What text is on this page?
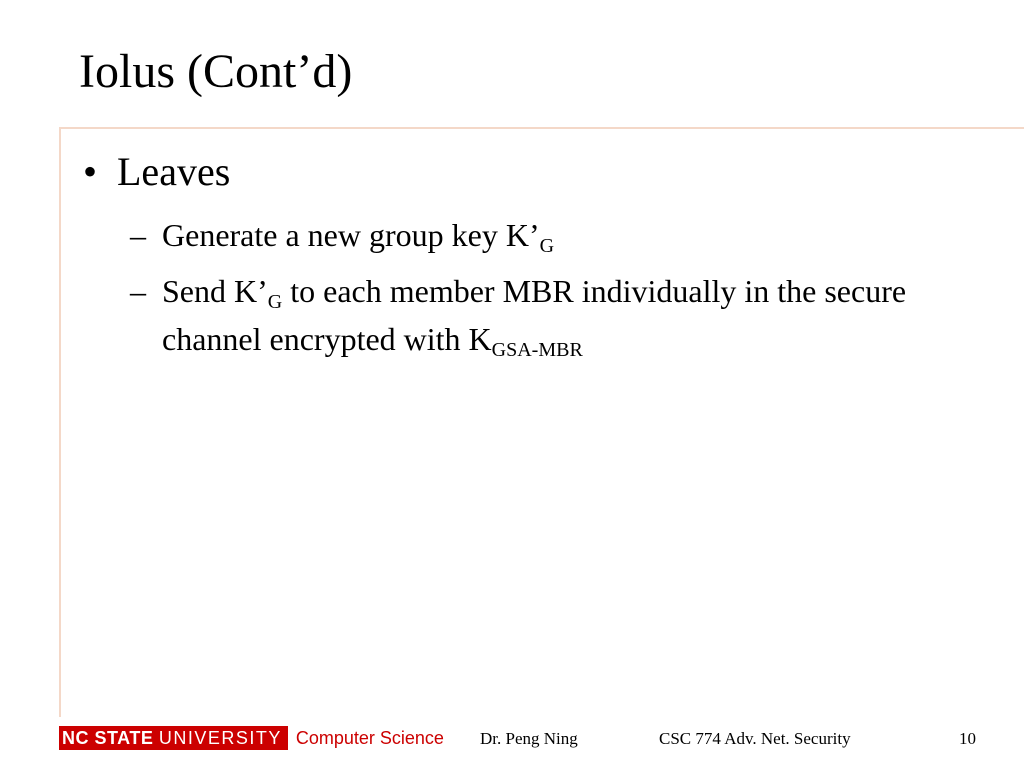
Iolus (Cont’d)
• Leaves
– Generate a new group key $K’_G$
– Send $K’_G$ to each member MBR individually in the secure channel encrypted with $K_{GSA-MBR}$
NC STATE UNIVERSITY Computer Science Dr. Peng Ning	CSC 774 Adv. Net. Security	10
